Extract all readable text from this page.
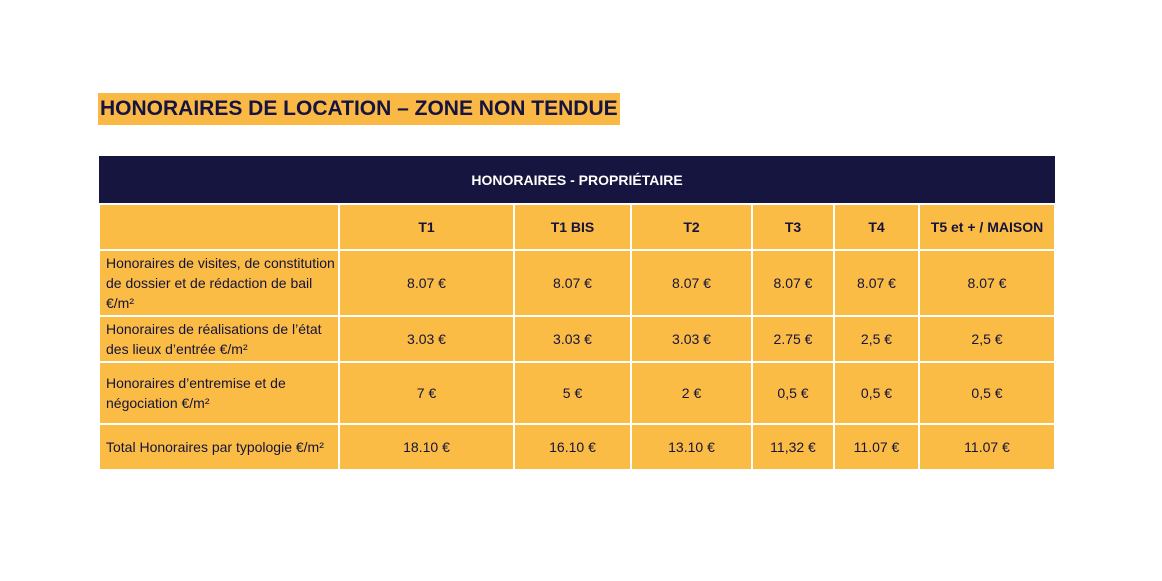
HONORAIRES DE LOCATION – ZONE NON TENDUE
HONORAIRES - PROPRIÉTAIRE						
	T1	T1 BIS	T2	T3	T4	T5 et + / MAISON
Honoraires de visites, de constitution de dossier et de rédaction de bail €/m²	8.07 €	8.07 €	8.07 €	8.07 €	8.07 €	8.07 €
Honoraires de réalisations de l’état des lieux d’entrée €/m²	3.03 €	3.03 €	3.03 €	2.75 €	2,5 €	2,5 €
Honoraires d’entremise et de négociation €/m²	7 €	5 €	2 €	0,5 €	0,5 €	0,5 €
Total Honoraires par typologie €/m²	18.10 €	16.10 €	13.10 €	11,32 €	11.07 €	11.07 €
